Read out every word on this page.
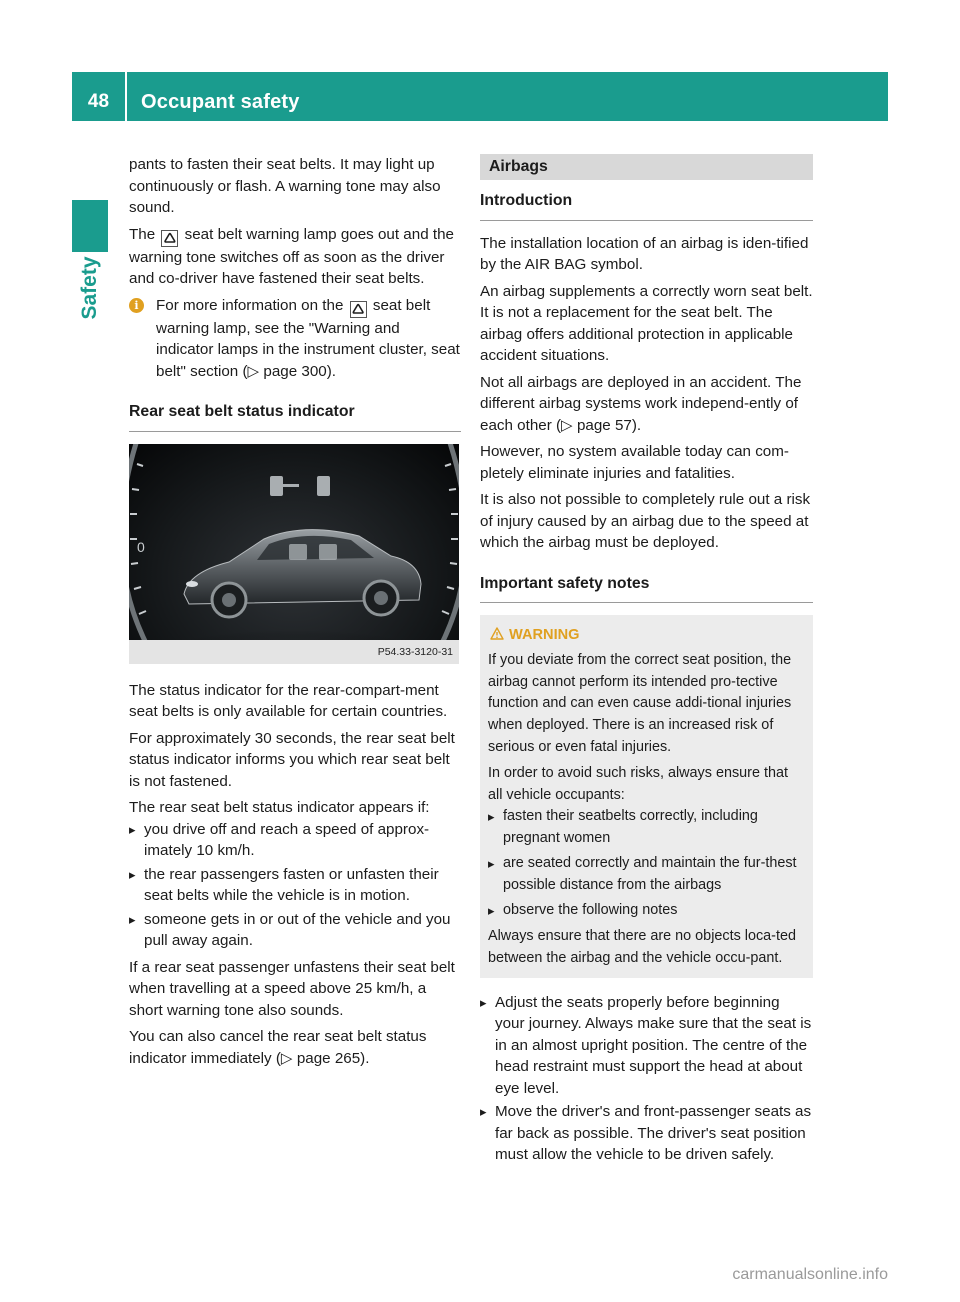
48	Occupant safety
Safety

pants to fasten their seat belts. It may light up continuously or flash. A warning tone may also sound.

The 🛆 seat belt warning lamp goes out and the warning tone switches off as soon as the driver and co-driver have fastened their seat belts.

i	For more information on the 🛆 seat belt warning lamp, see the "Warning and indicator lamps in the instrument cluster, seat belt" section (▷ page 300).
Rear seat belt status indicator
0
P54.33-3120-31

The status indicator for the rear-compart-ment seat belts is only available for certain countries.

For approximately 30 seconds, the rear seat belt status indicator informs you which rear seat belt is not fastened.

The rear seat belt status indicator appears if:

▸ you drive off and reach a speed of approx-imately 10 km/h.
▸ the rear passengers fasten or unfasten their seat belts while the vehicle is in motion.
▸ someone gets in or out of the vehicle and you pull away again.

If a rear seat passenger unfastens their seat belt when travelling at a speed above 25 km/h, a short warning tone also sounds.

You can also cancel the rear seat belt status indicator immediately (▷ page 265).

Airbags
Introduction

The installation location of an airbag is iden-tified by the AIR BAG symbol.

An airbag supplements a correctly worn seat belt. It is not a replacement for the seat belt. The airbag offers additional protection in applicable accident situations.

Not all airbags are deployed in an accident. The different airbag systems work independ-ently of each other (▷ page 57).

However, no system available today can com-pletely eliminate injuries and fatalities.

It is also not possible to completely rule out a risk of injury caused by an airbag due to the speed at which the airbag must be deployed.

Important safety notes
WARNING

If you deviate from the correct seat position, the airbag cannot perform its intended pro-tective function and can even cause addi-tional injuries when deployed. There is an increased risk of serious or even fatal injuries.

In order to avoid such risks, always ensure that all vehicle occupants:

▸ fasten their seatbelts correctly, including pregnant women
▸ are seated correctly and maintain the fur-thest possible distance from the airbags
▸ observe the following notes

Always ensure that there are no objects loca-ted between the airbag and the vehicle occu-pant.

▸ Adjust the seats properly before beginning your journey. Always make sure that the seat is in an almost upright position. The centre of the head restraint must support the head at about eye level.
▸ Move the driver's and front-passenger seats as far back as possible. The driver's seat position must allow the vehicle to be driven safely.
carmanualsonline.info
